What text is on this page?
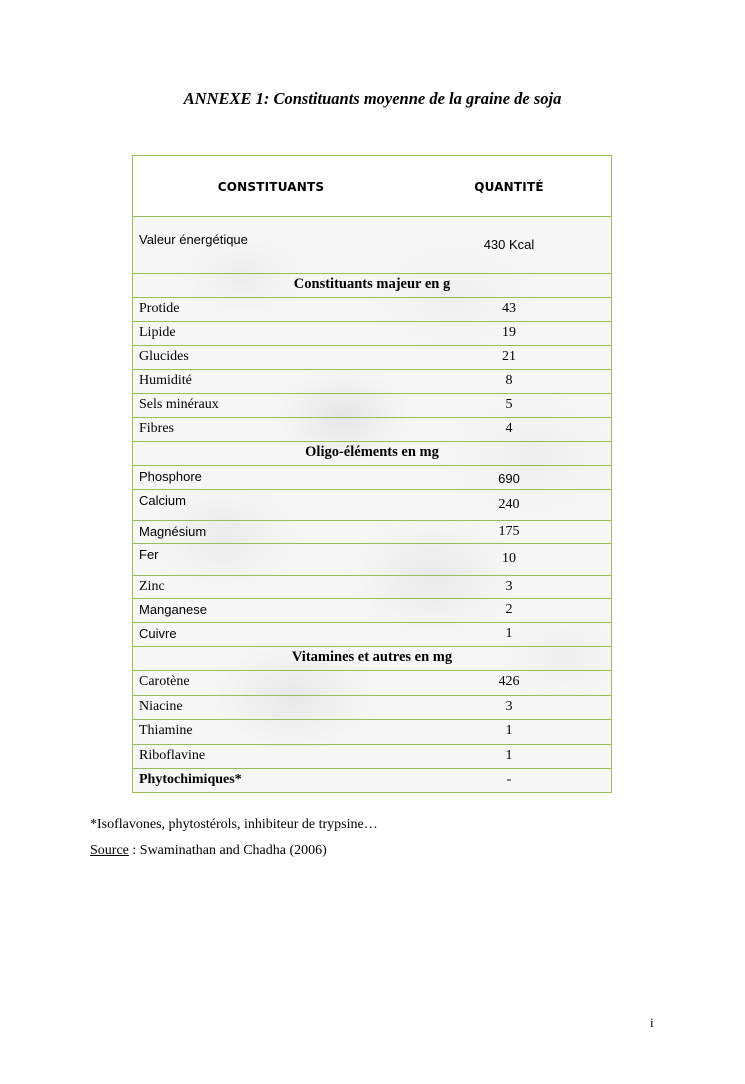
ANNEXE 1: Constituants moyenne de la graine de soja
CONSTITUANTS	QUANTITÉ
Valeur énergétique	430 Kcal
Constituants majeur en g
Protide	43
Lipide	19
Glucides	21
Humidité	8
Sels minéraux	5
Fibres	4
Oligo-éléments en mg
Phosphore	690
Calcium	240
Magnésium	175
Fer	10
Zinc	3
Manganese	2
Cuivre	1
Vitamines et autres en mg
Carotène	426
Niacine	3
Thiamine	1
Riboflavine	1
Phytochimiques*	-
*Isoflavones, phytostérols, inhibiteur de trypsine…
Source : Swaminathan and Chadha (2006)
i
